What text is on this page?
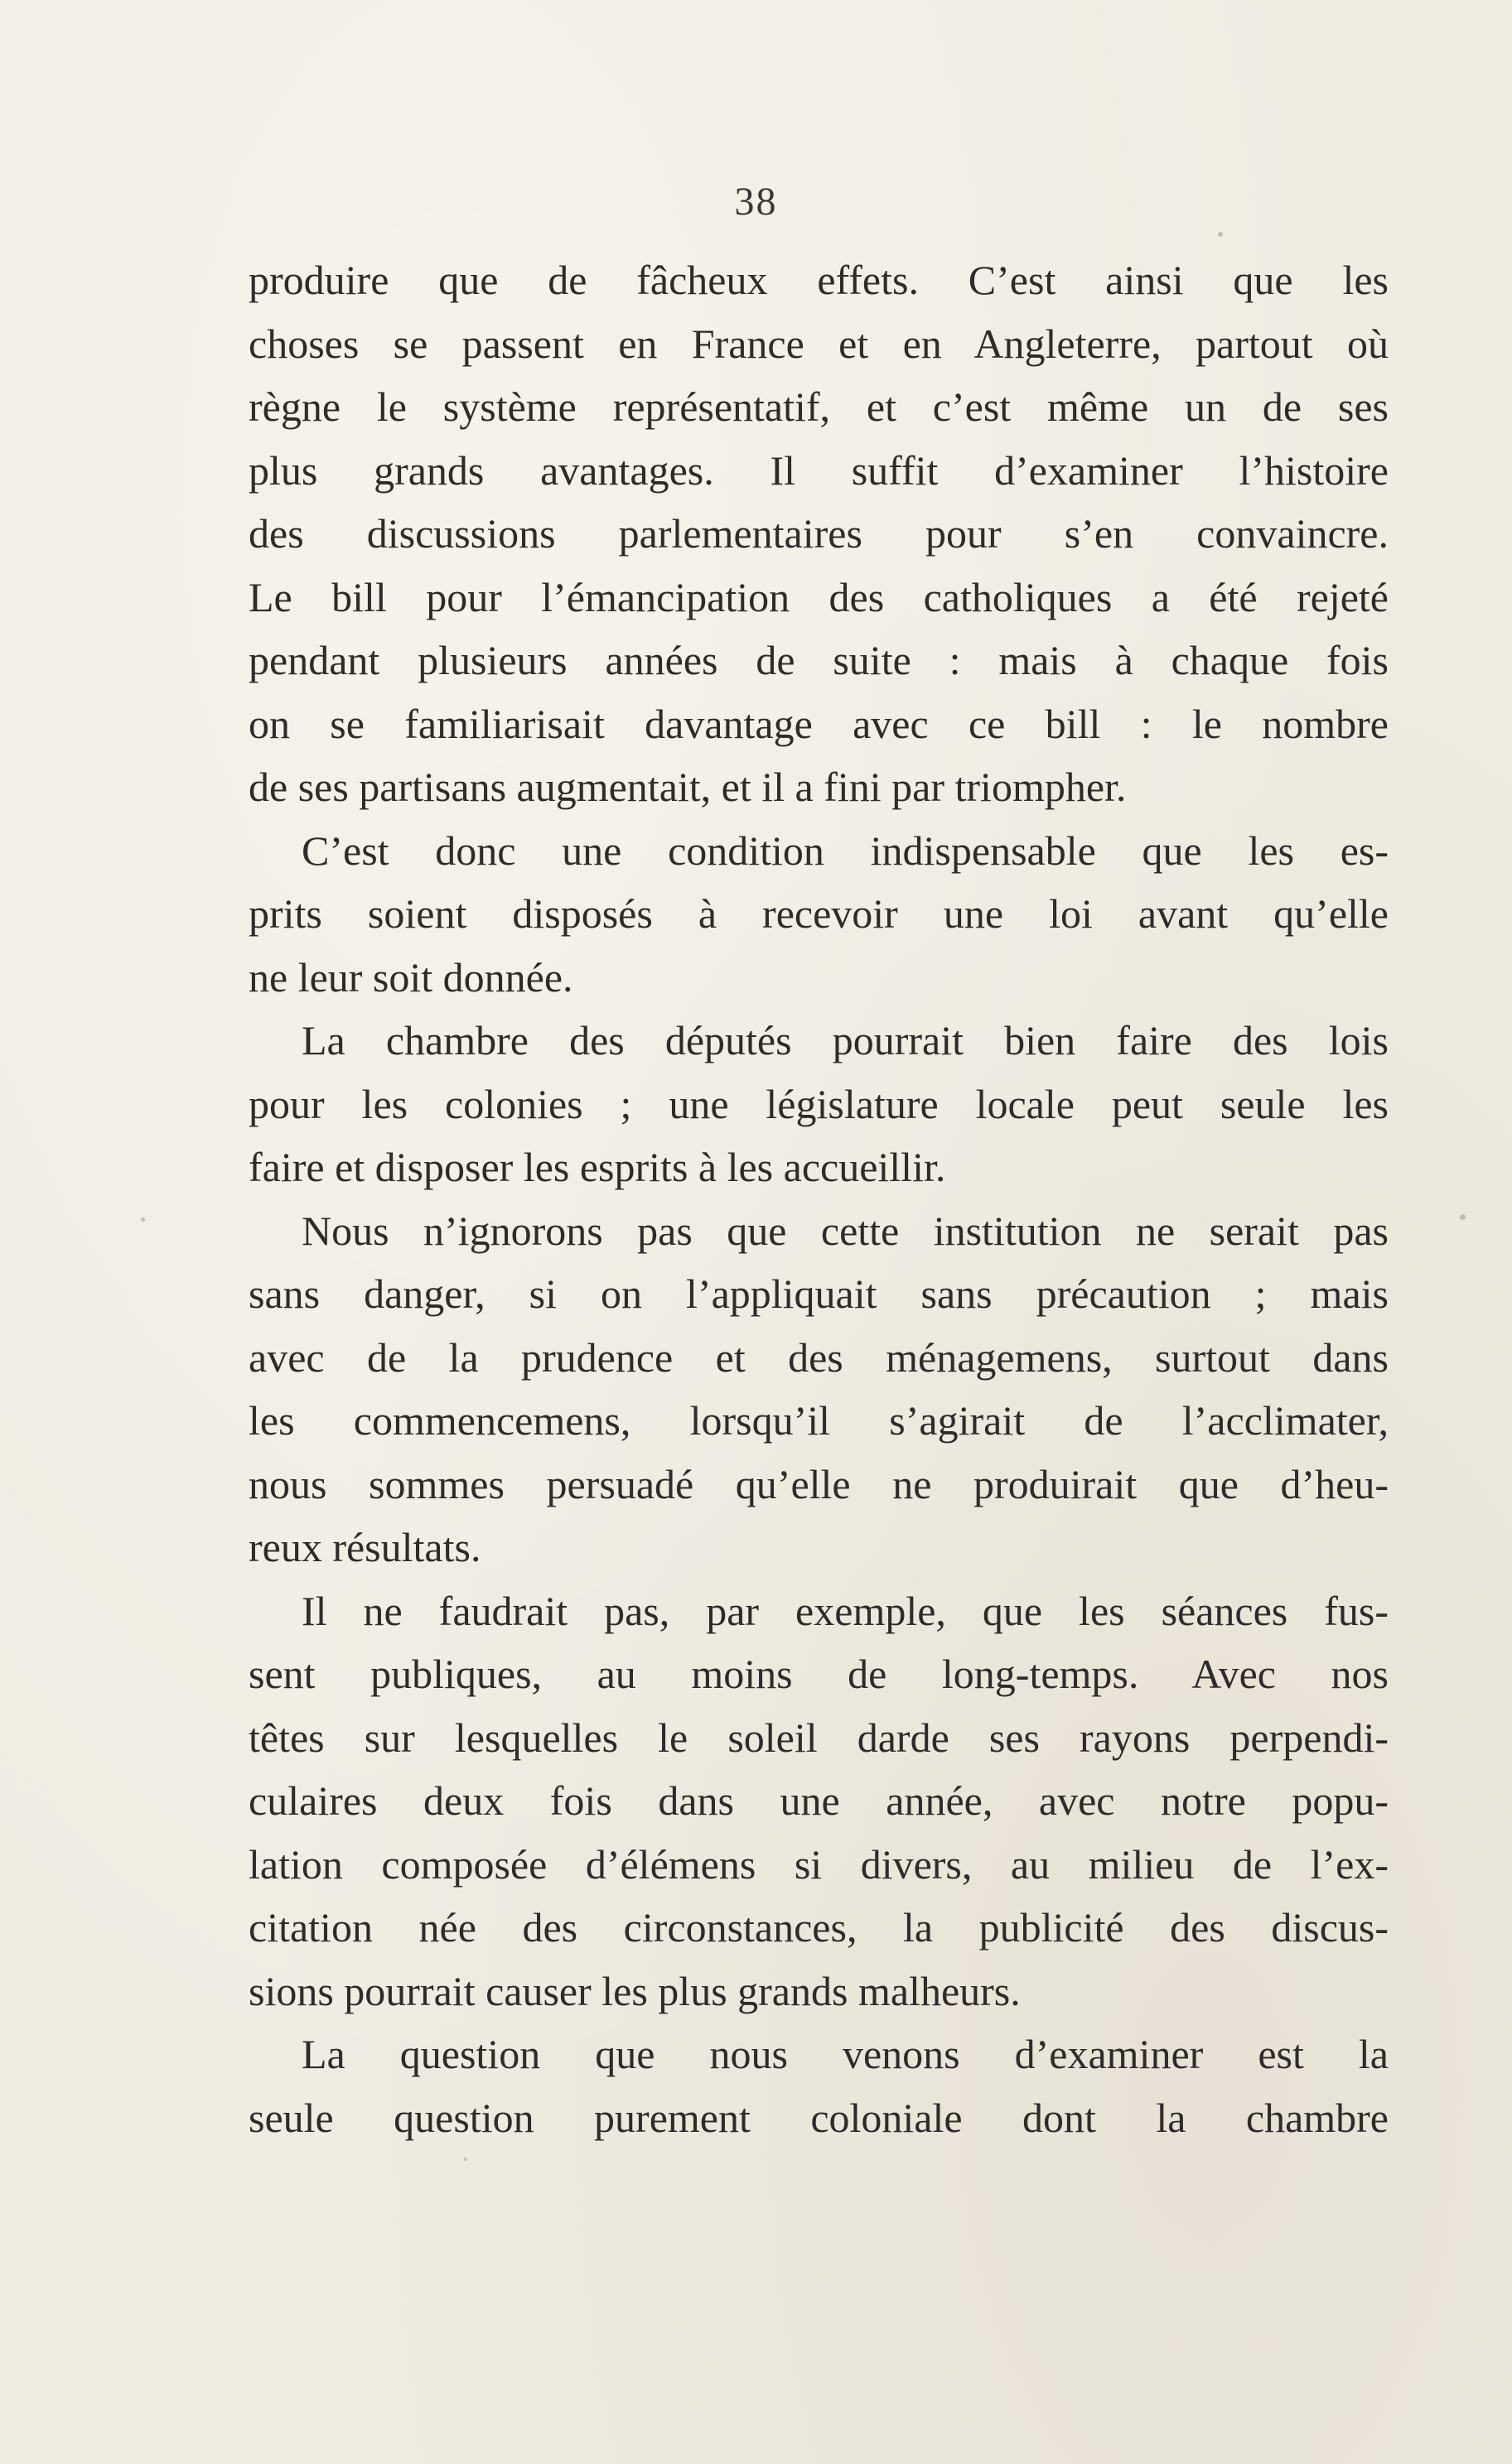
38
produire que de fâcheux effets. C’est ainsi que les
choses se passent en France et en Angleterre, partout où
règne le système représentatif, et c’est même un de ses
plus grands avantages. Il suffit d’examiner l’histoire
des discussions parlementaires pour s’en convaincre.
Le bill pour l’émancipation des catholiques a été rejeté
pendant plusieurs années de suite : mais à chaque fois
on se familiarisait davantage avec ce bill : le nombre
de ses partisans augmentait, et il a fini par triompher.
C’est donc une condition indispensable que les es-
prits soient disposés à recevoir une loi avant qu’elle
ne leur soit donnée.
La chambre des députés pourrait bien faire des lois
pour les colonies ; une législature locale peut seule les
faire et disposer les esprits à les accueillir.
Nous n’ignorons pas que cette institution ne serait pas
sans danger, si on l’appliquait sans précaution ; mais
avec de la prudence et des ménagemens, surtout dans
les commencemens, lorsqu’il s’agirait de l’acclimater,
nous sommes persuadé qu’elle ne produirait que d’heu-
reux résultats.
Il ne faudrait pas, par exemple, que les séances fus-
sent publiques, au moins de long-temps. Avec nos
têtes sur lesquelles le soleil darde ses rayons perpendi-
culaires deux fois dans une année, avec notre popu-
lation composée d’élémens si divers, au milieu de l’ex-
citation née des circonstances, la publicité des discus-
sions pourrait causer les plus grands malheurs.
La question que nous venons d’examiner est la
seule question purement coloniale dont la chambre
